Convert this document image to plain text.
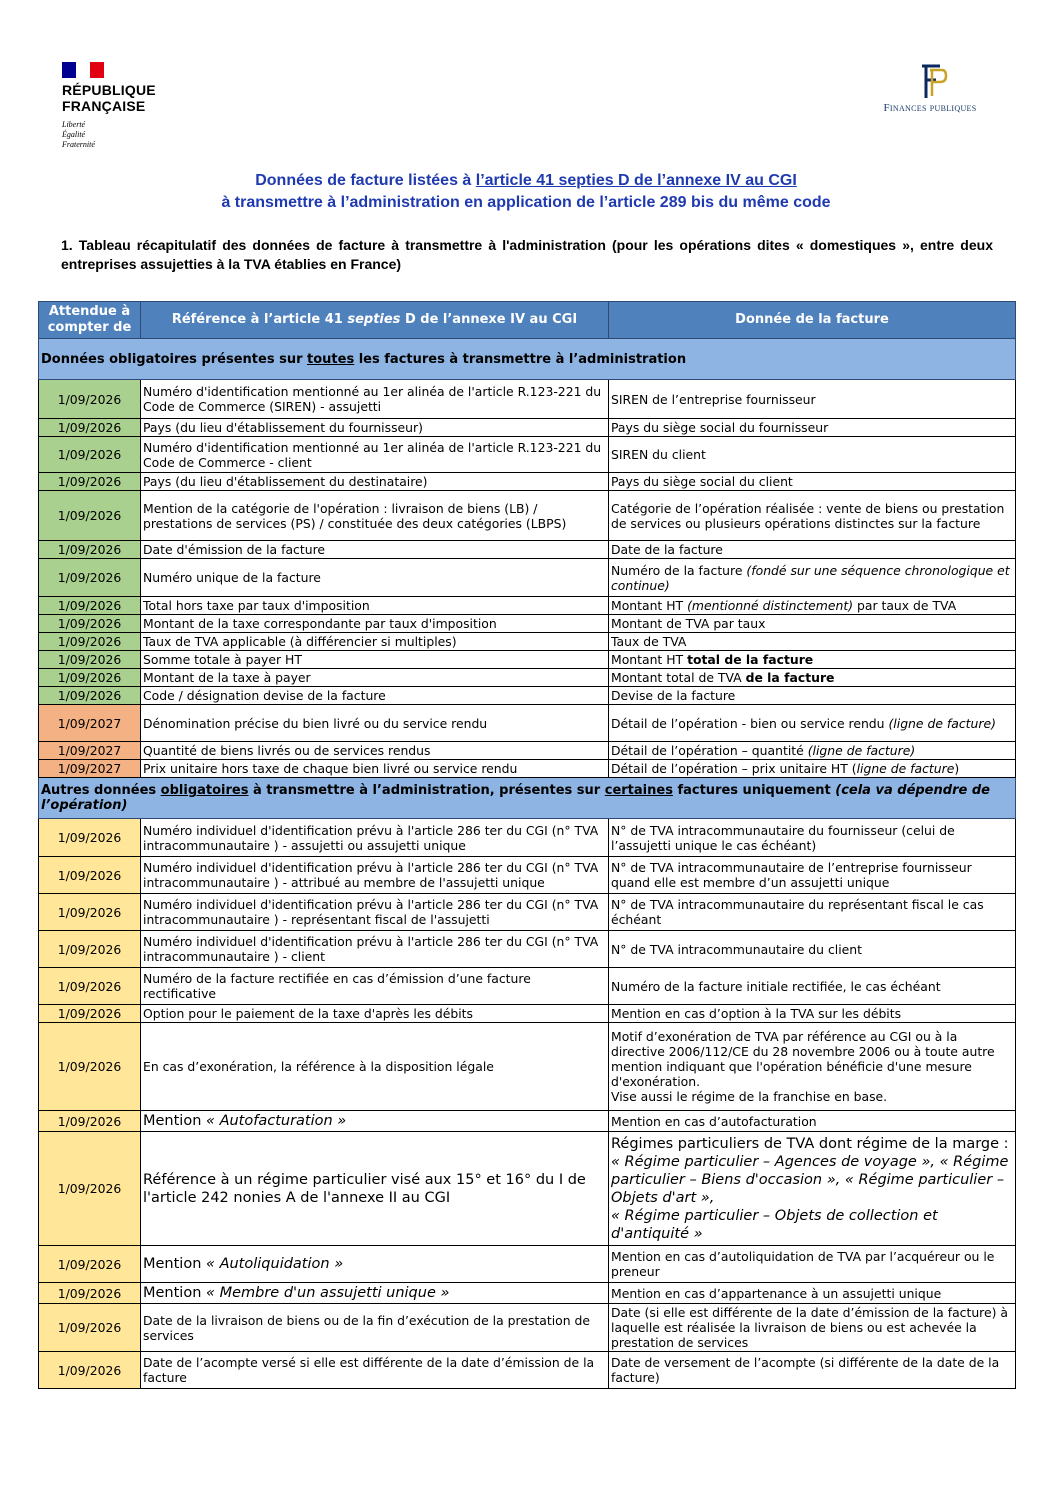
RÉPUBLIQUE
FRANÇAISE
Liberté
Égalité
Fraternité
Finances publiques
Données de facture listées à l’article 41 septies D de l’annexe IV au CGI
à transmettre à l’administration en application de l’article 289 bis du même code
1. Tableau récapitulatif des données de facture à transmettre à l'administration (pour les opérations dites « domestiques », entre deux entreprises assujetties à la TVA établies en France)
Attendue à compter de	Référence à l’article 41 septies D de l’annexe IV au CGI	Donnée de la facture
Données obligatoires présentes sur toutes les factures à transmettre à l’administration		
1/09/2026	Numéro d'identification mentionné au 1er alinéa de l'article R.123-221 du Code de Commerce (SIREN) - assujetti	SIREN de l’entreprise fournisseur
1/09/2026	Pays (du lieu d'établissement du fournisseur)	Pays du siège social du fournisseur
1/09/2026	Numéro d'identification mentionné au 1er alinéa de l'article R.123-221 du Code de Commerce - client	SIREN du client
1/09/2026	Pays (du lieu d'établissement du destinataire)	Pays du siège social du client
1/09/2026	Mention de la catégorie de l'opération : livraison de biens (LB) / prestations de services (PS) / constituée des deux catégories (LBPS)	Catégorie de l’opération réalisée : vente de biens ou prestation de services ou plusieurs opérations distinctes sur la facture
1/09/2026	Date d'émission de la facture	Date de la facture
1/09/2026	Numéro unique de la facture	Numéro de la facture (fondé sur une séquence chronologique et continue)
1/09/2026	Total hors taxe par taux d'imposition	Montant HT (mentionné distinctement) par taux de TVA
1/09/2026	Montant de la taxe correspondante par taux d'imposition	Montant de TVA par taux
1/09/2026	Taux de TVA applicable (à différencier si multiples)	Taux de TVA
1/09/2026	Somme totale à payer HT	Montant HT total de la facture
1/09/2026	Montant de la taxe à payer	Montant total de TVA de la facture
1/09/2026	Code / désignation devise de la facture	Devise de la facture
1/09/2027	Dénomination précise du bien livré ou du service rendu	Détail de l’opération - bien ou service rendu (ligne de facture)
1/09/2027	Quantité de biens livrés ou de services rendus	Détail de l’opération – quantité (ligne de facture)
1/09/2027	Prix unitaire hors taxe de chaque bien livré ou service rendu	Détail de l’opération – prix unitaire HT (ligne de facture)
Autres données obligatoires à transmettre à l’administration, présentes sur certaines factures uniquement (cela va dépendre de l’opération)		
1/09/2026	Numéro individuel d'identification prévu à l'article 286 ter du CGI (n° TVA intracommunautaire ) - assujetti ou assujetti unique	N° de TVA intracommunautaire du fournisseur (celui de l’assujetti unique le cas échéant)
1/09/2026	Numéro individuel d'identification prévu à l'article 286 ter du CGI (n° TVA intracommunautaire ) - attribué au membre de l'assujetti unique	N° de TVA intracommunautaire de l’entreprise fournisseur quand elle est membre d’un assujetti unique
1/09/2026	Numéro individuel d'identification prévu à l'article 286 ter du CGI (n° TVA intracommunautaire ) - représentant fiscal de l'assujetti	N° de TVA intracommunautaire du représentant fiscal le cas échéant
1/09/2026	Numéro individuel d'identification prévu à l'article 286 ter du CGI (n° TVA intracommunautaire ) - client	N° de TVA intracommunautaire du client
1/09/2026	Numéro de la facture rectifiée en cas d’émission d’une facture rectificative	Numéro de la facture initiale rectifiée, le cas échéant
1/09/2026	Option pour le paiement de la taxe d'après les débits	Mention en cas d’option à la TVA sur les débits
1/09/2026	En cas d’exonération, la référence à la disposition légale	Motif d’exonération de TVA par référence au CGI ou à la directive 2006/112/CE du 28 novembre 2006 ou à toute autre mention indiquant que l'opération bénéficie d'une mesure d'exonération.
Vise aussi le régime de la franchise en base.
1/09/2026	Mention « Autofacturation »	Mention en cas d’autofacturation
1/09/2026	Référence à un régime particulier visé aux 15° et 16° du I de l'article 242 nonies A de l'annexe II au CGI	Régimes particuliers de TVA dont régime de la marge : « Régime particulier – Agences de voyage », « Régime particulier – Biens d'occasion », « Régime particulier – Objets d'art »,
« Régime particulier – Objets de collection et d'antiquité »
1/09/2026	Mention « Autoliquidation »	Mention en cas d’autoliquidation de TVA par l’acquéreur ou le preneur
1/09/2026	Mention « Membre d'un assujetti unique »	Mention en cas d’appartenance à un assujetti unique
1/09/2026	Date de la livraison de biens ou de la fin d’exécution de la prestation de services	Date (si elle est différente de la date d’émission de la facture) à laquelle est réalisée la livraison de biens ou est achevée la prestation de services
1/09/2026	Date de l’acompte versé si elle est différente de la date d’émission de la facture	Date de versement de l’acompte (si différente de la date de la facture)
